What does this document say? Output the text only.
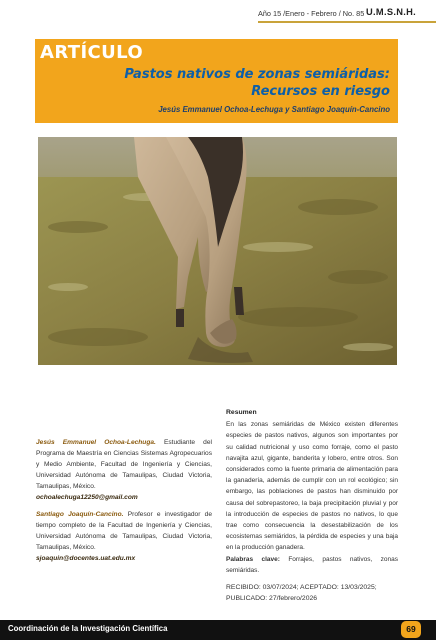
Año 15 /Enero - Febrero / No. 85 U.M.S.N.H.
ARTÍCULO
Pastos nativos de zonas semiáridas:
Recursos en riesgo
Jesús Emmanuel Ochoa-Lechuga y Santiago Joaquín-Cancino
Resumen
En las zonas semiáridas de México existen diferentes especies de pastos nativos, algunos son importantes por su calidad nutricional y uso como forraje, como el pasto navajita azul, gigante, banderita y lobero, entre otros. Son considerados como la fuente primaria de alimentación para la ganadería, además de cumplir con un rol ecológico; sin embargo, las poblaciones de pastos han disminuido por causa del sobrepastoreo, la baja precipitación pluvial y por la introducción de especies de pastos no nativos, lo que trae como consecuencia la desestabilización de los ecosistemas semiáridos, la pérdida de especies y una baja en la producción ganadera.
Palabras clave: Forrajes, pastos nativos, zonas semiáridas.
RECIBIDO: 03/07/2024; ACEPTADO: 13/03/2025;
PUBLICADO: 27/febrero/2026
Jesús Emmanuel Ochoa-Lechuga. Estudiante del Programa de Maestría en Ciencias Sistemas Agropecuarios y Medio Ambiente, Facultad de Ingeniería y Ciencias, Universidad Autónoma de Tamaulipas, Ciudad Victoria, Tamaulipas, México.
ochoalechuga12250@gmail.com
Santiago Joaquín-Cancino. Profesor e investigador de tiempo completo de la Facultad de Ingeniería y Ciencias, Universidad Autónoma de Tamaulipas, Ciudad Victoria, Tamaulipas, México.
sjoaquin@docentes.uat.edu.mx
Coordinación de la Investigación Científica	69
